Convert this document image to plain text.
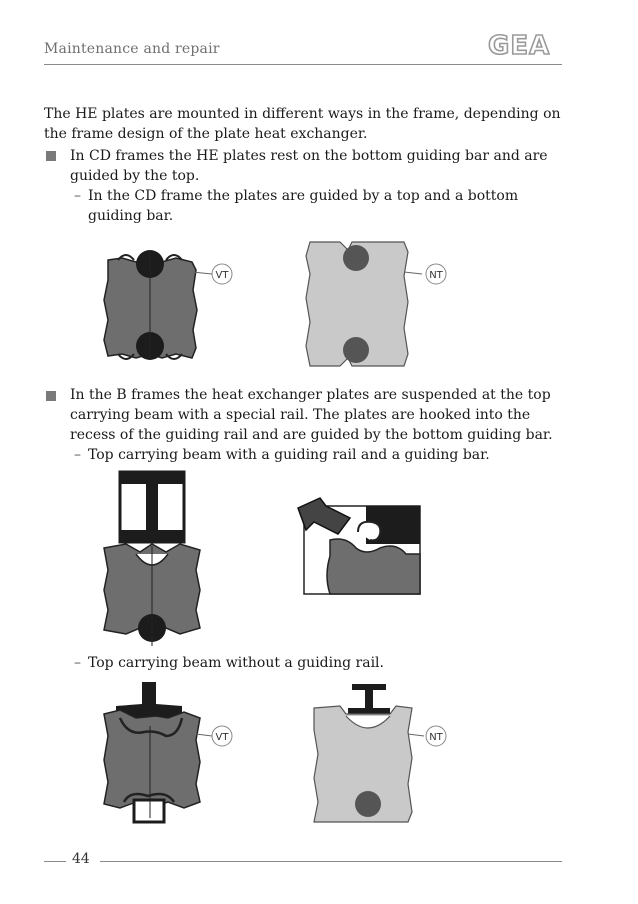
Maintenance and repair	GEA
The HE plates are mounted in different ways in the frame, depending on the frame design of the plate heat exchanger.
In CD frames the HE plates rest on the bottom guiding bar and are guided by the top.
– In the CD frame the plates are guided by a top and a bottom guiding bar.
VT	NT
In the B frames the heat exchanger plates are suspended at the top carrying beam with a special rail. The plates are hooked into the recess of the guiding rail and are guided by the bottom guiding bar.
– Top carrying beam with a guiding rail and a guiding bar.
– Top carrying beam without a guiding rail.
VT	NT
44
